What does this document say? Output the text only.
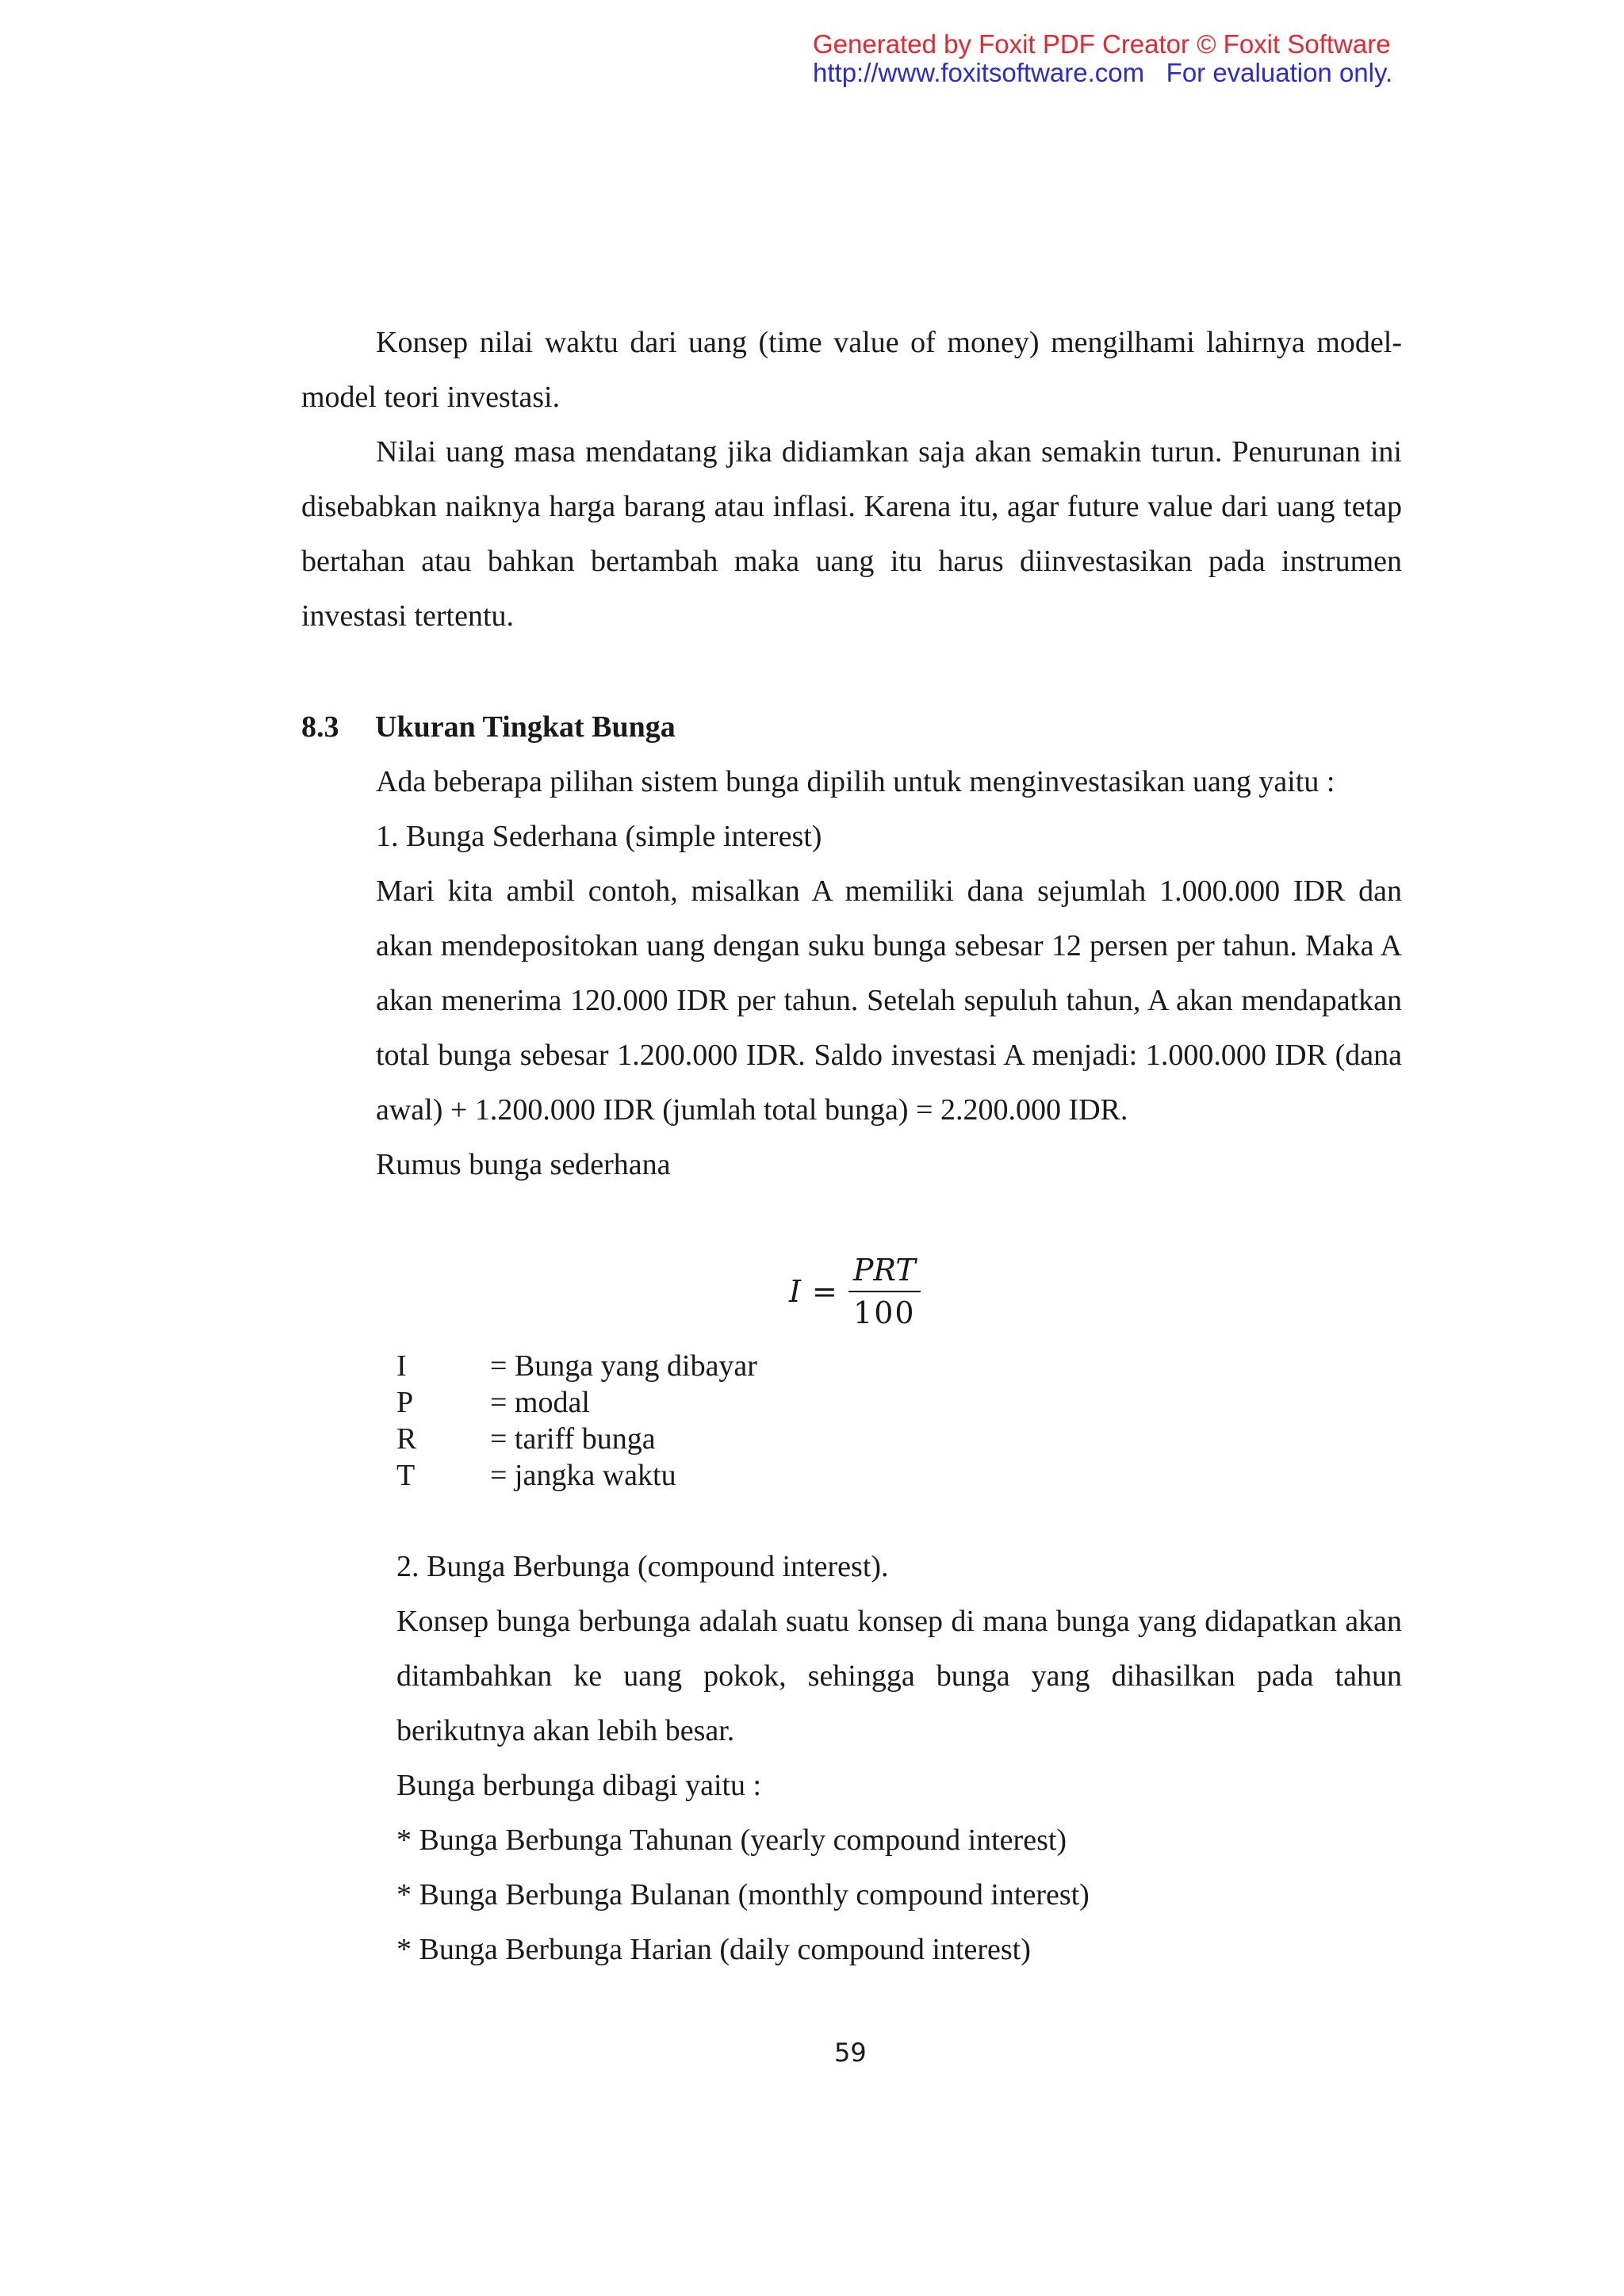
Generated by Foxit PDF Creator © Foxit Software
http://www.foxitsoftware.com For evaluation only.

Konsep nilai waktu dari uang (time value of money) mengilhami lahirnya model-model teori investasi.

Nilai uang masa mendatang jika didiamkan saja akan semakin turun. Penurunan ini disebabkan naiknya harga barang atau inflasi. Karena itu, agar future value dari uang tetap bertahan atau bahkan bertambah maka uang itu harus diinvestasikan pada instrumen investasi tertentu.

8.3 Ukuran Tingkat Bunga

Ada beberapa pilihan sistem bunga dipilih untuk menginvestasikan uang yaitu :

1. Bunga Sederhana (simple interest)

Mari kita ambil contoh, misalkan A memiliki dana sejumlah 1.000.000 IDR dan akan mendepositokan uang dengan suku bunga sebesar 12 persen per tahun. Maka A akan menerima 120.000 IDR per tahun. Setelah sepuluh tahun, A akan mendapatkan total bunga sebesar 1.200.000 IDR. Saldo investasi A menjadi: 1.000.000 IDR (dana awal) + 1.200.000 IDR (jumlah total bunga) = 2.200.000 IDR.

Rumus bunga sederhana

$I = \frac{\text{PRT}}{100}$
I	= Bunga yang dibayar
P	= modal
R	= tariff bunga
T	= jangka waktu

2. Bunga Berbunga (compound interest).

Konsep bunga berbunga adalah suatu konsep di mana bunga yang didapatkan akan ditambahkan ke uang pokok, sehingga bunga yang dihasilkan pada tahun berikutnya akan lebih besar.

Bunga berbunga dibagi yaitu :

* Bunga Berbunga Tahunan (yearly compound interest)

* Bunga Berbunga Bulanan (monthly compound interest)

* Bunga Berbunga Harian (daily compound interest)

59
